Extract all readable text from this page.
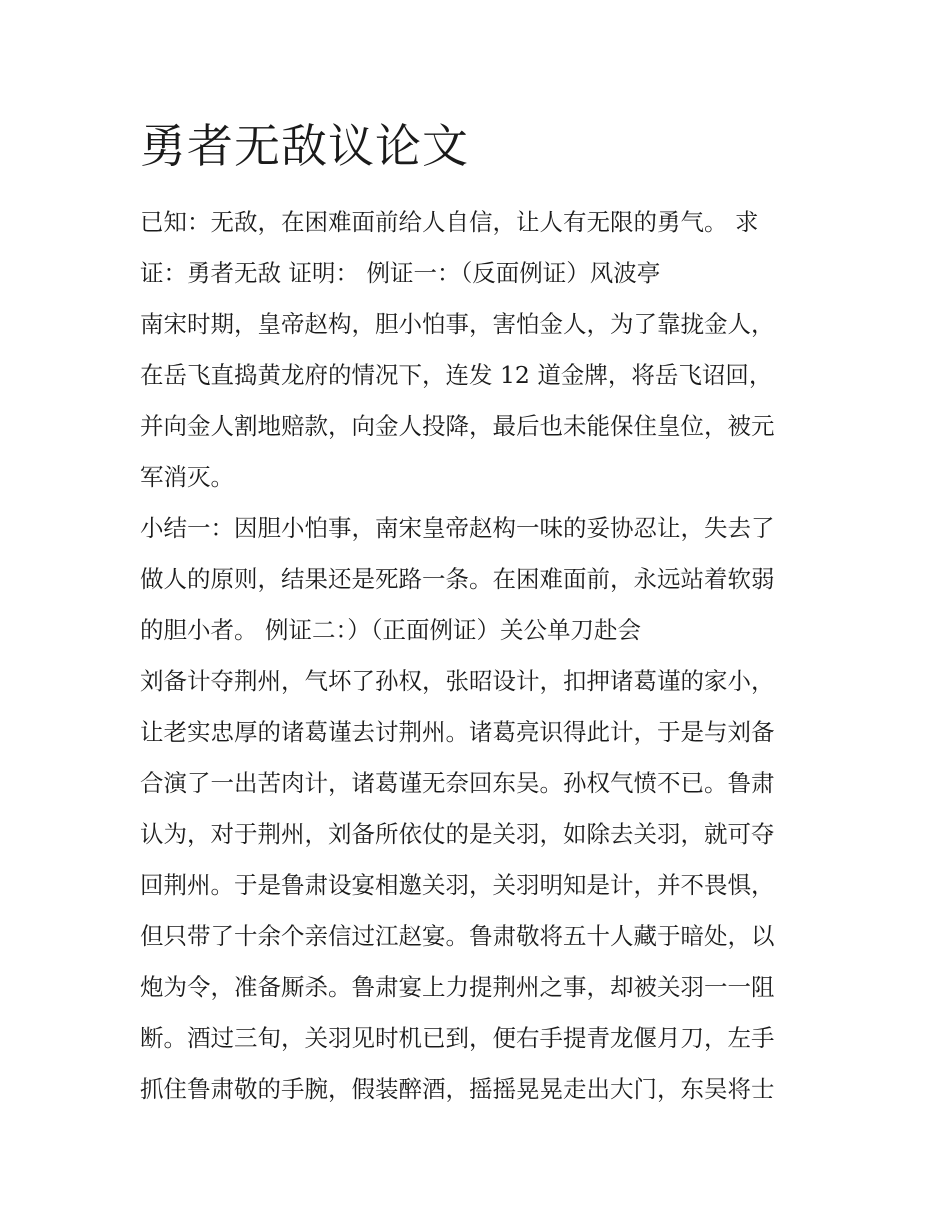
勇者无敌议论文
已知：无敌，在困难面前给人自信，让人有无限的勇气。 求
证：勇者无敌 证明： 例证一：（反面例证）风波亭
南宋时期，皇帝赵构，胆小怕事，害怕金人，为了靠拢金人，
在岳飞直捣黄龙府的情况下，连发 12 道金牌，将岳飞诏回，
并向金人割地赔款，向金人投降，最后也未能保住皇位，被元
军消灭。
小结一：因胆小怕事，南宋皇帝赵构一味的妥协忍让，失去了
做人的原则，结果还是死路一条。在困难面前，永远站着软弱
的胆小者。 例证二：）（正面例证）关公单刀赴会
刘备计夺荆州，气坏了孙权，张昭设计，扣押诸葛谨的家小，
让老实忠厚的诸葛谨去讨荆州。诸葛亮识得此计，于是与刘备
合演了一出苦肉计，诸葛谨无奈回东吴。孙权气愤不已。鲁肃
认为，对于荆州，刘备所依仗的是关羽，如除去关羽，就可夺
回荆州。于是鲁肃设宴相邀关羽，关羽明知是计，并不畏惧，
但只带了十余个亲信过江赵宴。鲁肃敬将五十人藏于暗处，以
炮为令，准备厮杀。鲁肃宴上力提荆州之事，却被关羽一一阻
断。酒过三旬，关羽见时机已到，便右手提青龙偃月刀，左手
抓住鲁肃敬的手腕，假装醉酒，摇摇晃晃走出大门，东吴将士
